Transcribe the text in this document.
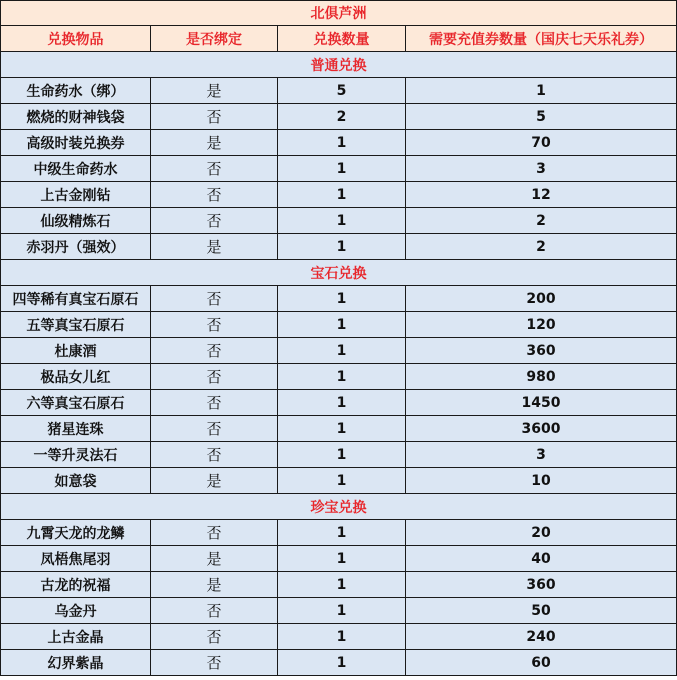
北俱芦洲			
兑换物品	是否绑定	兑换数量	需要充值券数量（国庆七天乐礼券）
普通兑换			
生命药水（绑）	是	5	1
燃烧的财神钱袋	否	2	5
高级时装兑换券	是	1	70
中级生命药水	否	1	3
上古金刚钻	否	1	12
仙级精炼石	否	1	2
赤羽丹（强效）	是	1	2
宝石兑换			
四等稀有真宝石原石	否	1	200
五等真宝石原石	否	1	120
杜康酒	否	1	360
极品女儿红	否	1	980
六等真宝石原石	否	1	1450
猪星连珠	否	1	3600
一等升灵法石	否	1	3
如意袋	是	1	10
珍宝兑换			
九霄天龙的龙鳞	否	1	20
凤梧焦尾羽	是	1	40
古龙的祝福	是	1	360
乌金丹	否	1	50
上古金晶	否	1	240
幻界紫晶	否	1	60
